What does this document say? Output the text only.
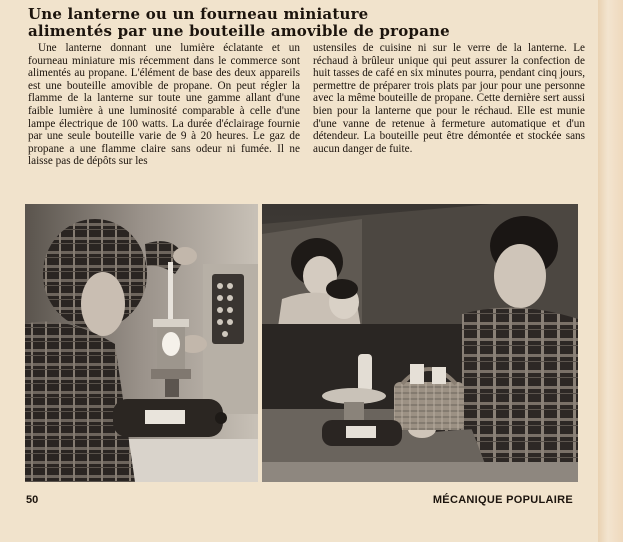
Une lanterne ou un fourneau miniature
alimentés par une bouteille amovible de propane
Une lanterne donnant une lumière éclatante et un fourneau miniature mis récemment dans le commerce sont alimentés au propane. L'élément de base des deux appareils est une bouteille amovible de propane. On peut régler la flamme de la lanterne sur toute une gamme allant d'une faible lumière à une luminosité comparable à celle d'une lampe électrique de 100 watts. La durée d'éclairage fournie par une seule bouteille varie de 9 à 20 heures. Le gaz de propane a une flamme claire sans odeur ni fumée. Il ne laisse pas de dépôts sur les
ustensiles de cuisine ni sur le verre de la lanterne. Le réchaud à brûleur unique qui peut assurer la confection de huit tasses de café en six minutes pourra, pendant cinq jours, permettre de préparer trois plats par jour pour une personne avec la même bouteille de propane. Cette dernière sert aussi bien pour la lanterne que pour le réchaud. Elle est munie d'une vanne de retenue à fermeture automatique et d'un détendeur. La bouteille peut être démontée et stockée sans aucun danger de fuite.
50	MÉCANIQUE POPULAIRE
